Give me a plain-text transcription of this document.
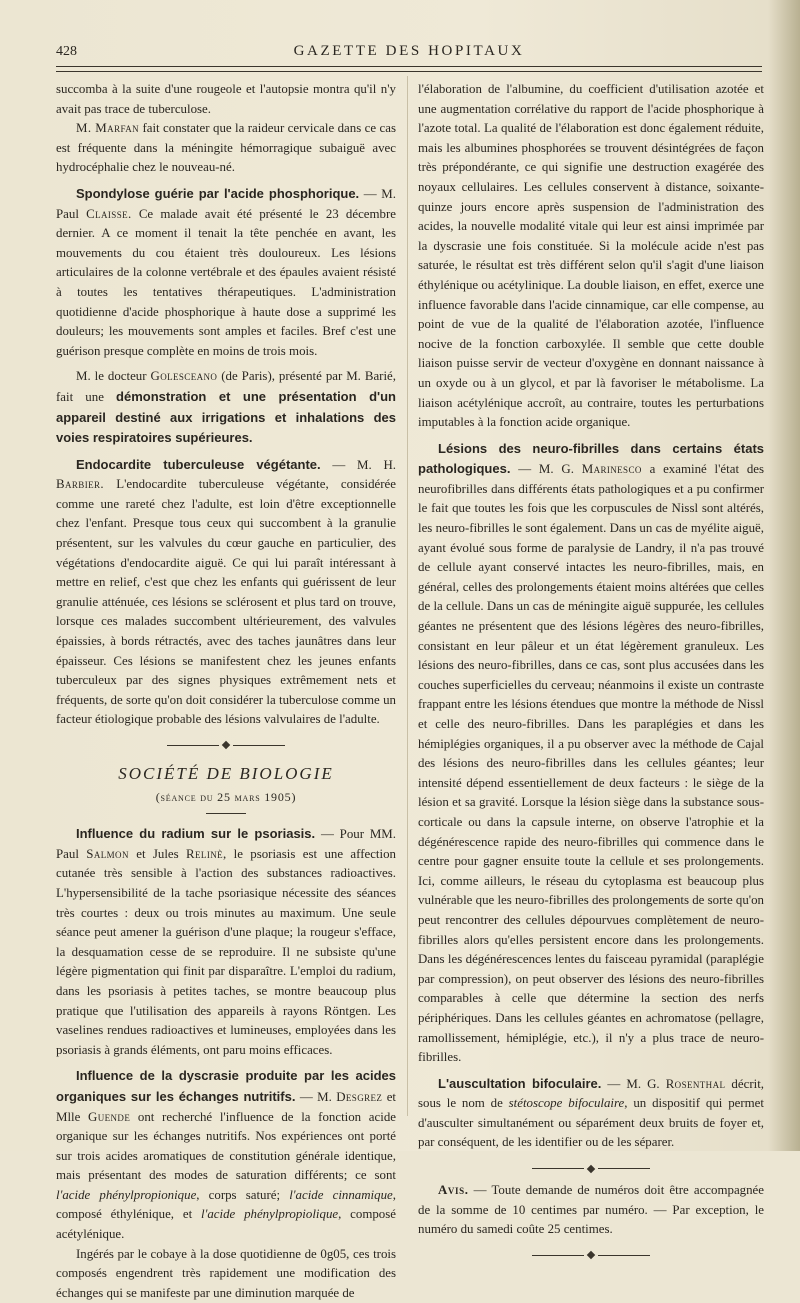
428	GAZETTE DES HOPITAUX

succomba à la suite d'une rougeole et l'autopsie montra qu'il n'y avait pas trace de tuberculose.

M. Marfan fait constater que la raideur cervicale dans ce cas est fréquente dans la méningite hémorragique subaiguë avec hydrocéphalie chez le nouveau-né.

Spondylose guérie par l'acide phosphorique. — M. Paul Claisse. Ce malade avait été présenté le 23 décembre dernier. A ce moment il tenait la tête penchée en avant, les mouvements du cou étaient très douloureux. Les lésions articulaires de la colonne vertébrale et des épaules avaient résisté à toutes les tentatives thérapeutiques. L'administration quotidienne d'acide phosphorique à haute dose a supprimé les douleurs; les mouvements sont amples et faciles. Bref c'est une guérison presque complète en moins de trois mois.

M. le docteur Golesceano (de Paris), présenté par M. Barié, fait une démonstration et une présentation d'un appareil destiné aux irrigations et inhalations des voies respiratoires supérieures.

Endocardite tuberculeuse végétante. — M. H. Barbier. L'endocardite tuberculeuse végétante, considérée comme une rareté chez l'adulte, est loin d'être exceptionnelle chez l'enfant. Presque tous ceux qui succombent à la granulie présentent, sur les valvules du cœur gauche en particulier, des végétations d'endocardite aiguë. Ce qui lui paraît intéressant à mettre en relief, c'est que chez les enfants qui guérissent de leur granulie atténuée, ces lésions se sclérosent et plus tard on trouve, lorsque ces malades succombent ultérieurement, des valvules épaissies, à bords rétractés, avec des taches jaunâtres dans leur épaisseur. Ces lésions se manifestent chez les jeunes enfants tuberculeux par des signes physiques extrêmement nets et fréquents, de sorte qu'on doit considérer la tuberculose comme un facteur étiologique probable des lésions valvulaires de l'adulte.

SOCIÉTÉ DE BIOLOGIE
(séance du 25 mars 1905)

Influence du radium sur le psoriasis. — Pour MM. Paul Salmon et Jules Relinè, le psoriasis est une affection cutanée très sensible à l'action des substances radioactives. L'hypersensibilité de la tache psoriasique nécessite des séances très courtes : deux ou trois minutes au maximum. Une seule séance peut amener la guérison d'une plaque; la rougeur s'efface, la desquamation cesse de se reproduire. Il ne subsiste qu'une légère pigmentation qui finit par disparaître. L'emploi du radium, dans les psoriasis à petites taches, se montre beaucoup plus pratique que l'utilisation des appareils à rayons Röntgen. Les vaselines rendues radioactives et lumineuses, employées dans les psoriasis à grands éléments, ont paru moins efficaces.

Influence de la dyscrasie produite par les acides organiques sur les échanges nutritifs. — M. Desgrez et Mlle Guende ont recherché l'influence de la fonction acide organique sur les échanges nutritifs. Nos expériences ont porté sur trois acides aromatiques de constitution générale identique, mais présentant des modes de saturation différents; ce sont l'acide phénylpropionique, corps saturé; l'acide cinnamique, composé éthylénique, et l'acide phénylpropiolique, composé acétylénique.

Ingérés par le cobaye à la dose quotidienne de 0g05, ces trois composés engendrent très rapidement une modification des échanges qui se manifeste par une diminution marquée de

l'élaboration de l'albumine, du coefficient d'utilisation azotée et une augmentation corrélative du rapport de l'acide phosphorique à l'azote total. La qualité de l'élaboration est donc également réduite, mais les albumines phosphorées se trouvent désintégrées de façon très prépondérante, ce qui signifie une destruction exagérée des noyaux cellulaires. Les cellules conservent à distance, soixante-quinze jours encore après suspension de l'administration des acides, la nouvelle modalité vitale qui leur est ainsi imprimée par la dyscrasie une fois constituée. Si la molécule acide n'est pas saturée, le résultat est très différent selon qu'il s'agit d'une liaison éthylénique ou acétylinique. La double liaison, en effet, exerce une influence favorable dans l'acide cinnamique, car elle compense, au point de vue de la qualité de l'élaboration azotée, l'influence nocive de la fonction carboxylée. Il semble que cette double liaison puisse servir de vecteur d'oxygène en donnant naissance à un oxyde ou à un glycol, et par là favoriser le métabolisme. La liaison acétylénique accroît, au contraire, toutes les perturbations imputables à la fonction acide organique.

Lésions des neuro-fibrilles dans certains états pathologiques. — M. G. Marinesco a examiné l'état des neurofibrilles dans différents états pathologiques et a pu confirmer le fait que toutes les fois que les corpuscules de Nissl sont altérés, les neuro-fibrilles le sont également. Dans un cas de myélite aiguë, ayant évolué sous forme de paralysie de Landry, il n'a pas trouvé de cellule ayant conservé intactes les neuro-fibrilles, mais, en général, celles des prolongements étaient moins altérées que celles de la cellule. Dans un cas de méningite aiguë suppurée, les cellules géantes ne présentent que des lésions légères des neuro-fibrilles, consistant en leur pâleur et un état légèrement granuleux. Les lésions des neuro-fibrilles, dans ce cas, sont plus accusées dans les couches superficielles du cerveau; néanmoins il existe un contraste frappant entre les lésions étendues que montre la méthode de Nissl et celle des neuro-fibrilles. Dans les paraplégies et dans les hémiplégies organiques, il a pu observer avec la méthode de Cajal des lésions des neuro-fibrilles dans les cellules géantes; leur intensité dépend essentiellement de deux facteurs : le siège de la lésion et sa gravité. Lorsque la lésion siège dans la substance sous-corticale ou dans la capsule interne, on observe l'atrophie et la dégénérescence rapide des neuro-fibrilles qui commence dans le centre pour gagner ensuite toute la cellule et ses prolongements. Ici, comme ailleurs, le réseau du cytoplasma est beaucoup plus vulnérable que les neuro-fibrilles des prolongements de sorte qu'on peut rencontrer des cellules dépourvues complètement de neuro-fibrilles alors qu'elles persistent encore dans les prolongements. Dans les dégénérescences lentes du faisceau pyramidal (paraplégie par compression), on peut observer des lésions des neuro-fibrilles comparables à celle que détermine la section des nerfs périphériques. Dans les cellules géantes en achromatose (pellagre, ramollissement, hémiplégie, etc.), il n'y a plus trace de neuro-fibrilles.

L'auscultation bifoculaire. — M. G. Rosenthal décrit, sous le nom de stétoscope bifoculaire, un dispositif qui permet d'ausculter simultanément ou séparément deux bruits de foyer et, par conséquent, de les identifier ou de les séparer.

Avis. — Toute demande de numéros doit être accompagnée de la somme de 10 centimes par numéro. — Par exception, le numéro du samedi coûte 25 centimes.
